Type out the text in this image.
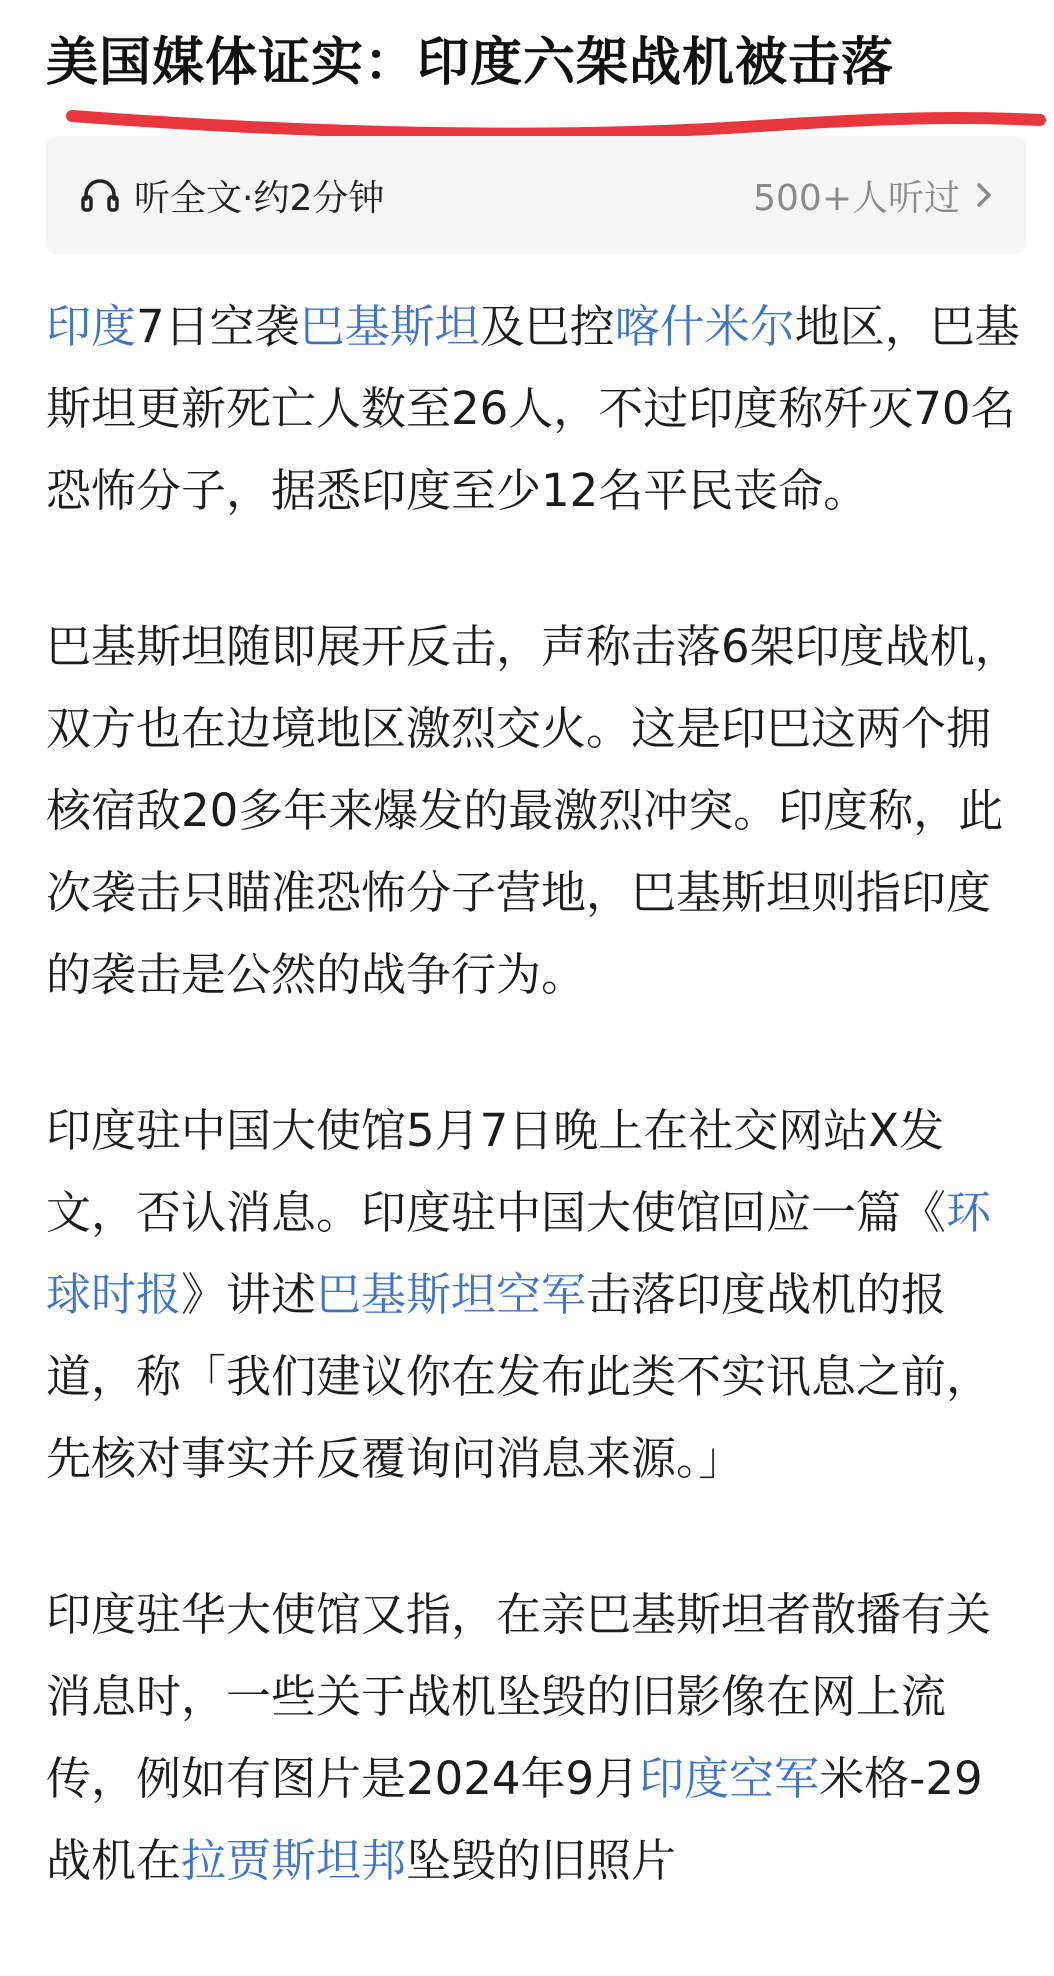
美国媒体证实：印度六架战机被击落
听全文·约2分钟	500+人听过

印度7日空袭巴基斯坦及巴控喀什米尔地区，巴基斯坦更新死亡人数至26人，不过印度称歼灭70名恐怖分子，据悉印度至少12名平民丧命。

巴基斯坦随即展开反击，声称击落6架印度战机，双方也在边境地区激烈交火。这是印巴这两个拥核宿敌20多年来爆发的最激烈冲突。印度称，此次袭击只瞄准恐怖分子营地，巴基斯坦则指印度的袭击是公然的战争行为。

印度驻中国大使馆5月7日晚上在社交网站X发文，否认消息。印度驻中国大使馆回应一篇《环球时报》讲述巴基斯坦空军击落印度战机的报道，称「我们建议你在发布此类不实讯息之前，先核对事实并反覆询问消息来源。」

印度驻华大使馆又指，在亲巴基斯坦者散播有关消息时，一些关于战机坠毁的旧影像在网上流传，例如有图片是2024年9月印度空军米格-29战机在拉贾斯坦邦坠毁的旧照片
